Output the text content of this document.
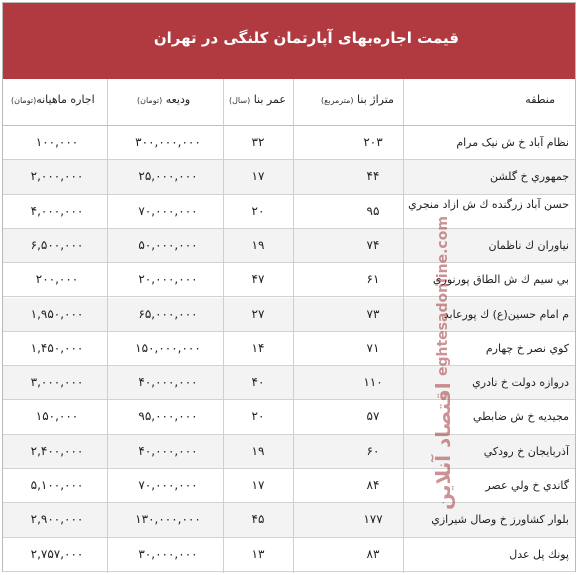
قیمت اجاره‌بهای آپارتمان کلنگی در تهران
منطقه
متراژ بنا (مترمربع)
عمر بنا (سال)
ودیعه (تومان)
اجاره ماهیانه(تومان)
نظام آباد خ ش نیک مرام
۲۰۳
۳۲
۳۰۰,۰۰۰,۰۰۰
۱۰۰,۰۰۰
جمهوري خ گلشن
۴۴
۱۷
۲۵,۰۰۰,۰۰۰
۲,۰۰۰,۰۰۰
حسن آباد زرگنده ك ش ازاد منجري
۹۵
۲۰
۷۰,۰۰۰,۰۰۰
۴,۰۰۰,۰۰۰
نياوران ك ناظمان
۷۴
۱۹
۵۰,۰۰۰,۰۰۰
۶,۵۰۰,۰۰۰
بي سيم ك ش الطاق پورنوري
۶۱
۴۷
۲۰,۰۰۰,۰۰۰
۲۰۰,۰۰۰
م امام حسين(ع) ك پورعابد
۷۳
۲۷
۶۵,۰۰۰,۰۰۰
۱,۹۵۰,۰۰۰
كوي نصر خ چهارم
۷۱
۱۴
۱۵۰,۰۰۰,۰۰۰
۱,۴۵۰,۰۰۰
دروازه دولت خ نادري
۱۱۰
۴۰
۴۰,۰۰۰,۰۰۰
۳,۰۰۰,۰۰۰
مجيديه خ ش ضابطي
۵۷
۲۰
۹۵,۰۰۰,۰۰۰
۱۵۰,۰۰۰
آذربايجان خ رودكي
۶۰
۱۹
۴۰,۰۰۰,۰۰۰
۲,۴۰۰,۰۰۰
گاندي خ ولي عصر
۸۴
۱۷
۷۰,۰۰۰,۰۰۰
۵,۱۰۰,۰۰۰
بلوار كشاورز خ وصال شيرازي
۱۷۷
۴۵
۱۳۰,۰۰۰,۰۰۰
۲,۹۰۰,۰۰۰
پونك پل عدل
۸۳
۱۳
۳۰,۰۰۰,۰۰۰
۲,۷۵۷,۰۰۰
اقتصاد آنلاین
eghtesadonline.com
